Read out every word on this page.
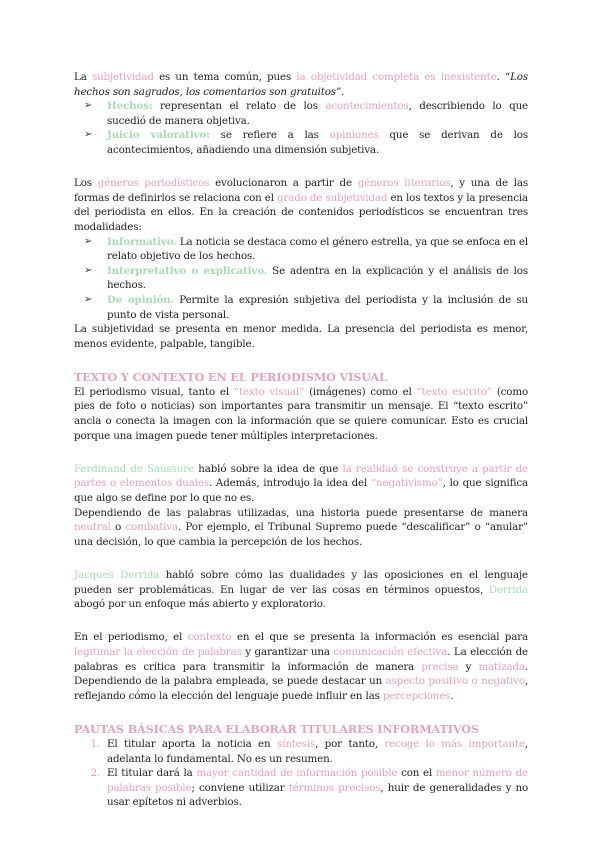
La subjetividad es un tema común, pues la objetividad completa es inexistente. “Los hechos son sagrados, los comentarios son gratuitos”.

➢ Hechos: representan el relato de los acontecimientos, describiendo lo que sucedió de manera objetiva.
➢ Juicio valorativo: se refiere a las opiniones que se derivan de los acontecimientos, añadiendo una dimensión subjetiva.

Los géneros periodísticos evolucionaron a partir de géneros literarios, y una de las formas de definirlos se relaciona con el grado de subjetividad en los textos y la presencia del periodista en ellos. En la creación de contenidos periodísticos se encuentran tres modalidades:

➢ Informativo. La noticia se destaca como el género estrella, ya que se enfoca en el relato objetivo de los hechos.
➢ Interpretativo o explicativo. Se adentra en la explicación y el análisis de los hechos.
➢ De opinión. Permite la expresión subjetiva del periodista y la inclusión de su punto de vista personal.

La subjetividad se presenta en menor medida. La presencia del periodista es menor, menos evidente, palpable, tangible.

TEXTO Y CONTEXTO EN EL PERIODISMO VISUAL

El periodismo visual, tanto el “texto visual” (imágenes) como el “texto escrito” (como pies de foto o noticias) son importantes para transmitir un mensaje. El “texto escrito” ancla o conecta la imagen con la información que se quiere comunicar. Esto es crucial porque una imagen puede tener múltiples interpretaciones.

Ferdinand de Saussure habló sobre la idea de que la realidad se construye a partir de partes o elementos duales. Además, introdujo la idea del “negativismo”, lo que significa que algo se define por lo que no es.

Dependiendo de las palabras utilizadas, una historia puede presentarse de manera neutral o combativa. Por ejemplo, el Tribunal Supremo puede “descalificar” o “anular” una decisión, lo que cambia la percepción de los hechos.

Jacques Derrida habló sobre cómo las dualidades y las oposiciones en el lenguaje pueden ser problemáticas. En lugar de ver las cosas en términos opuestos, Derrida abogó por un enfoque más abierto y exploratorio.

En el periodismo, el contexto en el que se presenta la información es esencial para legitimar la elección de palabras y garantizar una comunicación efectiva. La elección de palabras es crítica para transmitir la información de manera precisa y matizada. Dependiendo de la palabra empleada, se puede destacar un aspecto positivo o negativo, reflejando cómo la elección del lenguaje puede influir en las percepciones.

PAUTAS BÁSICAS PARA ELABORAR TITULARES INFORMATIVOS
1. El titular aporta la noticia en síntesis, por tanto, recoge lo más importante, adelanta lo fundamental. No es un resumen.
2. El titular dará la mayor cantidad de información posible con el menor número de palabras posible; conviene utilizar términos precisos, huir de generalidades y no usar epítetos ni adverbios.
